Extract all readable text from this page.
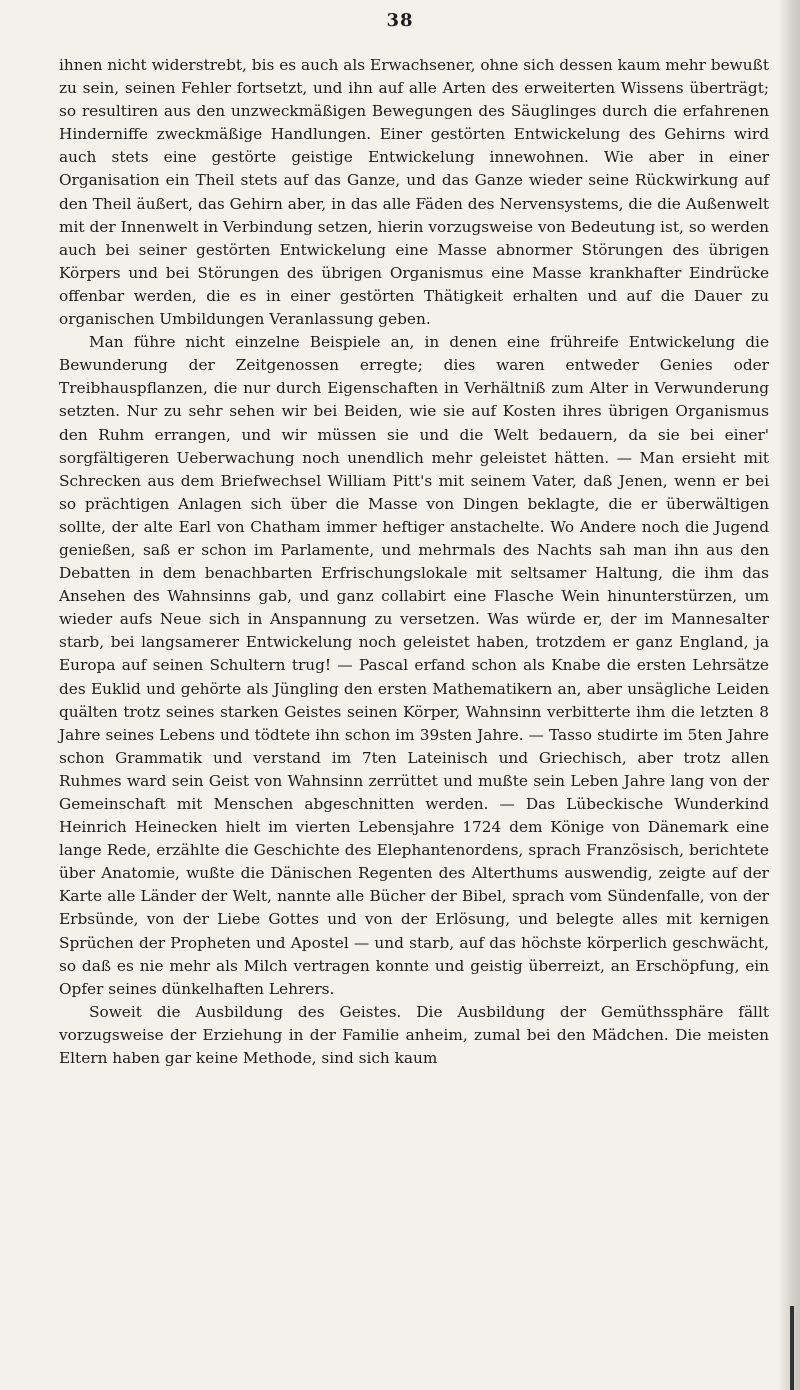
38

ihnen nicht widerstrebt, bis es auch als Erwachsener, ohne sich dessen kaum mehr bewußt zu sein, seinen Fehler fortsetzt, und ihn auf alle Arten des erweiterten Wissens überträgt; so resultiren aus den unzweckmäßigen Bewegungen des Säuglinges durch die erfahrenen Hinderniffe zweckmäßige Handlungen. Einer gestörten Entwickelung des Gehirns wird auch stets eine gestörte geistige Entwickelung innewohnen. Wie aber in einer Organisation ein Theil stets auf das Ganze, und das Ganze wieder seine Rückwirkung auf den Theil äußert, das Gehirn aber, in das alle Fäden des Nervensystems, die die Außenwelt mit der Innenwelt in Verbindung setzen, hierin vorzugsweise von Bedeutung ist, so werden auch bei seiner gestörten Entwickelung eine Masse abnormer Störungen des übrigen Körpers und bei Störungen des übrigen Organismus eine Masse krankhafter Eindrücke offenbar werden, die es in einer gestörten Thätigkeit erhalten und auf die Dauer zu organischen Umbildungen Veranlassung geben.

Man führe nicht einzelne Beispiele an, in denen eine frühreife Entwickelung die Bewunderung der Zeitgenossen erregte; dies waren entweder Genies oder Treibhauspflanzen, die nur durch Eigenschaften in Verhältniß zum Alter in Verwunderung setzten. Nur zu sehr sehen wir bei Beiden, wie sie auf Kosten ihres übrigen Organismus den Ruhm errangen, und wir müssen sie und die Welt bedauern, da sie bei einer' sorgfältigeren Ueberwachung noch unendlich mehr geleistet hätten. — Man ersieht mit Schrecken aus dem Briefwechsel William Pitt's mit seinem Vater, daß Jenen, wenn er bei so prächtigen Anlagen sich über die Masse von Dingen beklagte, die er überwältigen sollte, der alte Earl von Chatham immer heftiger anstachelte. Wo Andere noch die Jugend genießen, saß er schon im Parlamente, und mehrmals des Nachts sah man ihn aus den Debatten in dem benachbarten Erfrischungslokale mit seltsamer Haltung, die ihm das Ansehen des Wahnsinns gab, und ganz collabirt eine Flasche Wein hinunterstürzen, um wieder aufs Neue sich in Anspannung zu versetzen. Was würde er, der im Mannesalter starb, bei langsamerer Entwickelung noch geleistet haben, trotzdem er ganz England, ja Europa auf seinen Schultern trug! — Pascal erfand schon als Knabe die ersten Lehrsätze des Euklid und gehörte als Jüngling den ersten Mathematikern an, aber unsägliche Leiden quälten trotz seines starken Geistes seinen Körper, Wahnsinn verbitterte ihm die letzten 8 Jahre seines Lebens und tödtete ihn schon im 39sten Jahre. — Tasso studirte im 5ten Jahre schon Grammatik und verstand im 7ten Lateinisch und Griechisch, aber trotz allen Ruhmes ward sein Geist von Wahnsinn zerrüttet und mußte sein Leben Jahre lang von der Gemeinschaft mit Menschen abgeschnitten werden. — Das Lübeckische Wunderkind Heinrich Heinecken hielt im vierten Lebensjahre 1724 dem Könige von Dänemark eine lange Rede, erzählte die Geschichte des Elephantenordens, sprach Französisch, berichtete über Anatomie, wußte die Dänischen Regenten des Alterthums auswendig, zeigte auf der Karte alle Länder der Welt, nannte alle Bücher der Bibel, sprach vom Sündenfalle, von der Erbsünde, von der Liebe Gottes und von der Erlösung, und belegte alles mit kernigen Sprüchen der Propheten und Apostel — und starb, auf das höchste körperlich geschwächt, so daß es nie mehr als Milch vertragen konnte und geistig überreizt, an Erschöpfung, ein Opfer seines dünkelhaften Lehrers.

Soweit die Ausbildung des Geistes. Die Ausbildung der Gemüthssphäre fällt vorzugsweise der Erziehung in der Familie anheim, zumal bei den Mädchen. Die meisten Eltern haben gar keine Methode, sind sich kaum
